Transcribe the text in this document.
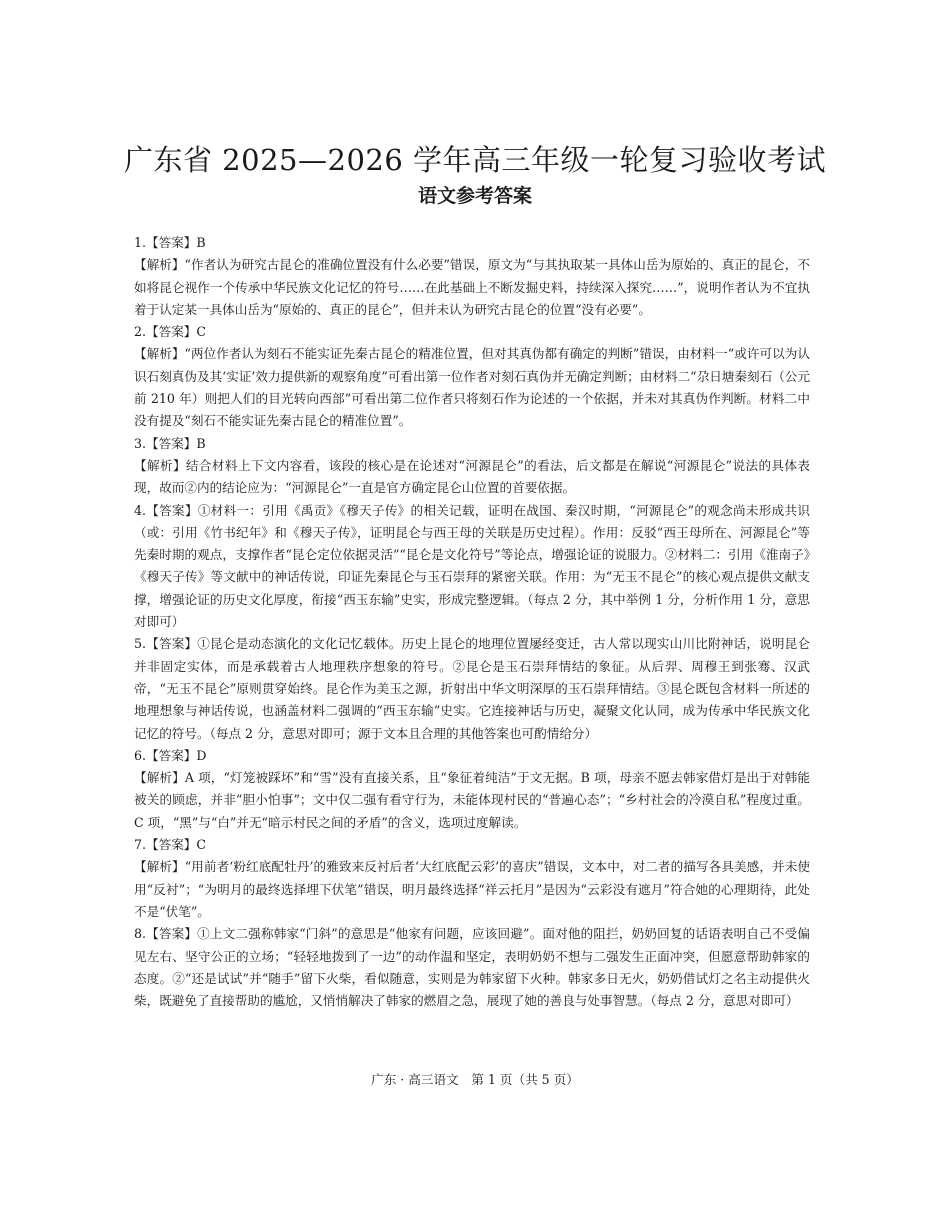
广东省 2025—2026 学年高三年级一轮复习验收考试
语文参考答案

1.【答案】B

【解析】“作者认为研究古昆仑的准确位置没有什么必要”错误，原文为“与其执取某一具体山岳为原始的、真正的昆仑，不如将昆仑视作一个传承中华民族文化记忆的符号……在此基础上不断发掘史料，持续深入探究……”，说明作者认为不宜执着于认定某一具体山岳为“原始的、真正的昆仑”，但并未认为研究古昆仑的位置“没有必要”。

2.【答案】C

【解析】“两位作者认为刻石不能实证先秦古昆仑的精准位置，但对其真伪都有确定的判断”错误，由材料一“或许可以为认识石刻真伪及其‘实证’效力提供新的观察角度”可看出第一位作者对刻石真伪并无确定判断；由材料二“尕日塘秦刻石（公元前 210 年）则把人们的目光转向西部”可看出第二位作者只将刻石作为论述的一个依据，并未对其真伪作判断。材料二中没有提及“刻石不能实证先秦古昆仑的精准位置”。

3.【答案】B

【解析】结合材料上下文内容看，该段的核心是在论述对“河源昆仑”的看法，后文都是在解说“河源昆仑”说法的具体表现，故而②内的结论应为：“河源昆仑”一直是官方确定昆仑山位置的首要依据。

4.【答案】①材料一：引用《禹贡》《穆天子传》的相关记载，证明在战国、秦汉时期，“河源昆仑”的观念尚未形成共识（或：引用《竹书纪年》和《穆天子传》，证明昆仑与西王母的关联是历史过程）。作用：反驳“西王母所在、河源昆仑”等先秦时期的观点，支撑作者“昆仑定位依据灵活”“昆仑是文化符号”等论点，增强论证的说服力。②材料二：引用《淮南子》《穆天子传》等文献中的神话传说，印证先秦昆仑与玉石崇拜的紧密关联。作用：为“无玉不昆仑”的核心观点提供文献支撑，增强论证的历史文化厚度，衔接“西玉东输”史实，形成完整逻辑。（每点 2 分，其中举例 1 分，分析作用 1 分，意思对即可）

5.【答案】①昆仑是动态演化的文化记忆载体。历史上昆仑的地理位置屡经变迁，古人常以现实山川比附神话，说明昆仑并非固定实体，而是承载着古人地理秩序想象的符号。②昆仑是玉石崇拜情结的象征。从后羿、周穆王到张骞、汉武帝，“无玉不昆仑”原则贯穿始终。昆仑作为美玉之源，折射出中华文明深厚的玉石崇拜情结。③昆仑既包含材料一所述的地理想象与神话传说，也涵盖材料二强调的“西玉东输”史实。它连接神话与历史，凝聚文化认同，成为传承中华民族文化记忆的符号。（每点 2 分，意思对即可；源于文本且合理的其他答案也可酌情给分）

6.【答案】D

【解析】A 项，“灯笼被踩坏”和“雪”没有直接关系，且“象征着纯洁”于文无据。B 项，母亲不愿去韩家借灯是出于对韩能被关的顾虑，并非“胆小怕事”；文中仅二强有看守行为，未能体现村民的“普遍心态”；“乡村社会的冷漠自私”程度过重。C 项，“黑”与“白”并无“暗示村民之间的矛盾”的含义，选项过度解读。

7.【答案】C

【解析】“用前者‘粉红底配牡丹’的雅致来反衬后者‘大红底配云彩’的喜庆”错误，文本中，对二者的描写各具美感，并未使用“反衬”；“为明月的最终选择埋下伏笔”错误，明月最终选择“祥云托月”是因为“云彩没有遮月”符合她的心理期待，此处不是“伏笔”。

8.【答案】①上文二强称韩家“门斜”的意思是“他家有问题，应该回避”。面对他的阻拦，奶奶回复的话语表明自己不受偏见左右、坚守公正的立场；“轻轻地拨到了一边”的动作温和坚定，表明奶奶不想与二强发生正面冲突，但愿意帮助韩家的态度。②“还是试试”并“随手”留下火柴，看似随意，实则是为韩家留下火种。韩家多日无火，奶奶借试灯之名主动提供火柴，既避免了直接帮助的尴尬，又悄悄解决了韩家的燃眉之急，展现了她的善良与处事智慧。（每点 2 分，意思对即可）

广东 · 高三语文　第 1 页（共 5 页）
